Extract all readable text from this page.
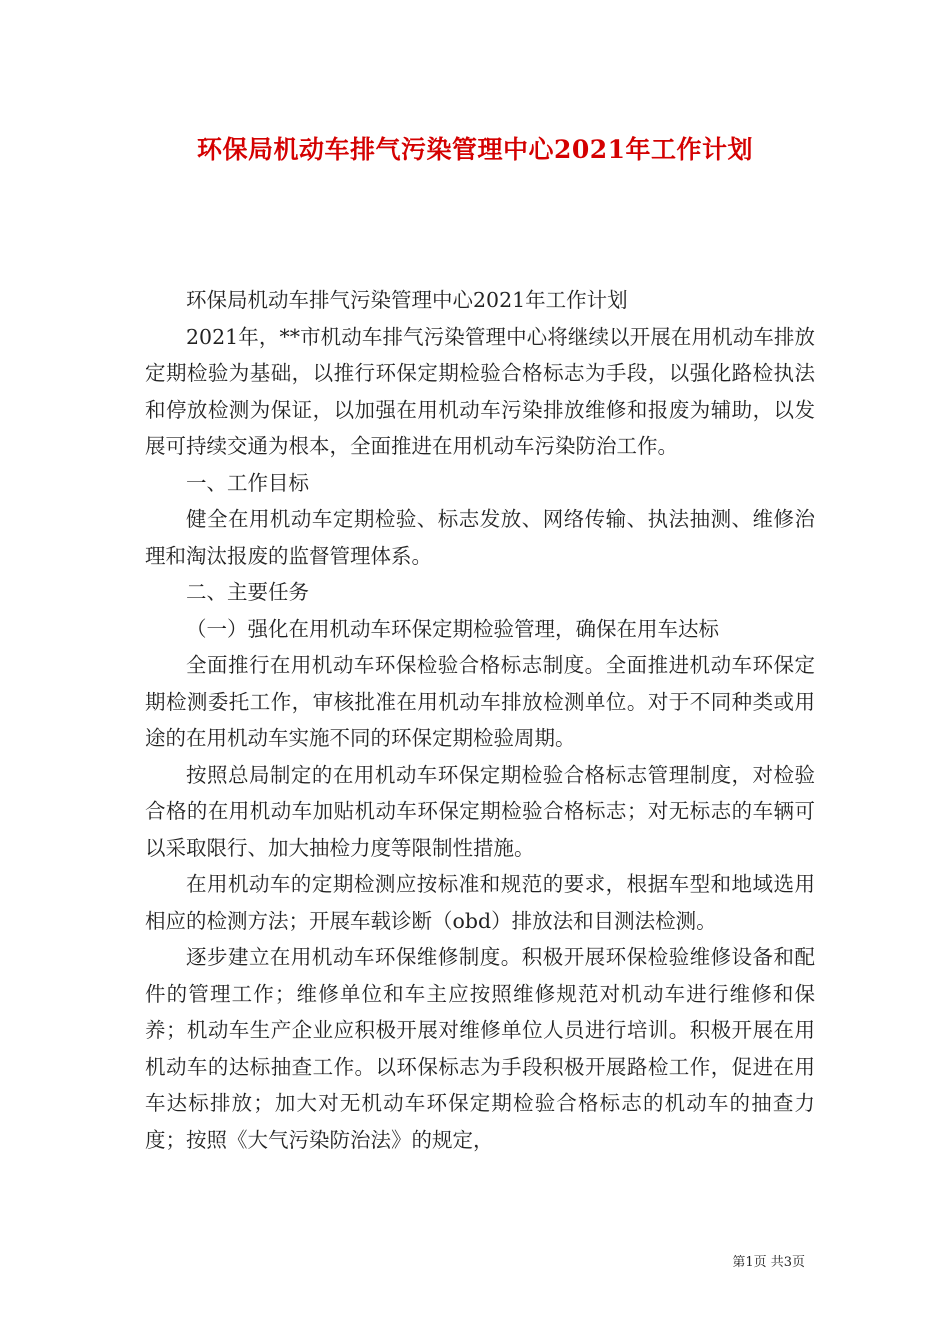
环保局机动车排气污染管理中心2021年工作计划

环保局机动车排气污染管理中心2021年工作计划

2021年，**市机动车排气污染管理中心将继续以开展在用机动车排放定期检验为基础，以推行环保定期检验合格标志为手段，以强化路检执法和停放检测为保证，以加强在用机动车污染排放维修和报废为辅助，以发展可持续交通为根本，全面推进在用机动车污染防治工作。

一、工作目标

健全在用机动车定期检验、标志发放、网络传输、执法抽测、维修治理和淘汰报废的监督管理体系。

二、主要任务

（一）强化在用机动车环保定期检验管理，确保在用车达标

全面推行在用机动车环保检验合格标志制度。全面推进机动车环保定期检测委托工作，审核批准在用机动车排放检测单位。对于不同种类或用途的在用机动车实施不同的环保定期检验周期。

按照总局制定的在用机动车环保定期检验合格标志管理制度，对检验合格的在用机动车加贴机动车环保定期检验合格标志；对无标志的车辆可以采取限行、加大抽检力度等限制性措施。

在用机动车的定期检测应按标准和规范的要求，根据车型和地域选用相应的检测方法；开展车载诊断（obd）排放法和目测法检测。

逐步建立在用机动车环保维修制度。积极开展环保检验维修设备和配件的管理工作；维修单位和车主应按照维修规范对机动车进行维修和保养；机动车生产企业应积极开展对维修单位人员进行培训。积极开展在用机动车的达标抽查工作。以环保标志为手段积极开展路检工作，促进在用车达标排放；加大对无机动车环保定期检验合格标志的机动车的抽查力度；按照《大气污染防治法》的规定，

第1页 共3页
